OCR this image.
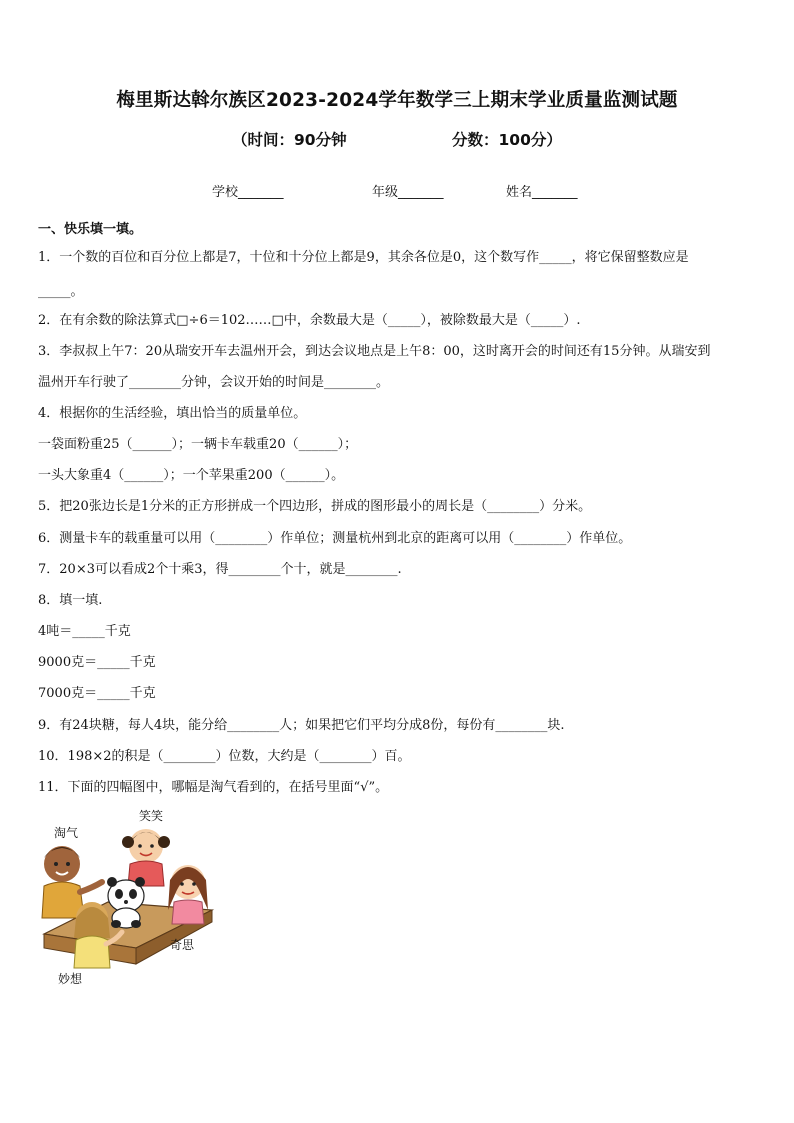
梅里斯达斡尔族区2023-2024学年数学三上期末学业质量监测试题
（时间：90分钟	分数：100分）
学校_______	年级_______	姓名_______
一、快乐填一填。
1．一个数的百位和百分位上都是7，十位和十分位上都是9，其余各位是0，这个数写作_____，将它保留整数应是
_____。
2．在有余数的除法算式□÷6＝102……□中，余数最大是（_____），被除数最大是（_____）.
3．李叔叔上午7：20从瑞安开车去温州开会，到达会议地点是上午8：00，这时离开会的时间还有15分钟。从瑞安到
温州开车行驶了________分钟，会议开始的时间是________。
4．根据你的生活经验，填出恰当的质量单位。
一袋面粉重25（______）；一辆卡车载重20（______）；
一头大象重4（______）；一个苹果重200（______）。
5．把20张边长是1分米的正方形拼成一个四边形，拼成的图形最小的周长是（________）分米。
6．测量卡车的载重量可以用（________）作单位；测量杭州到北京的距离可以用（________）作单位。
7．20×3可以看成2个十乘3，得________个十，就是________.
8．填一填.
4吨＝_____千克
9000克＝_____千克
7000克＝_____千克
9．有24块糖，每人4块，能分给________人；如果把它们平均分成8份，每份有________块.
10．198×2的积是（________）位数，大约是（________）百。
11．下面的四幅图中，哪幅是淘气看到的，在括号里面“√”。
淘气
笑笑
奇思
妙想
